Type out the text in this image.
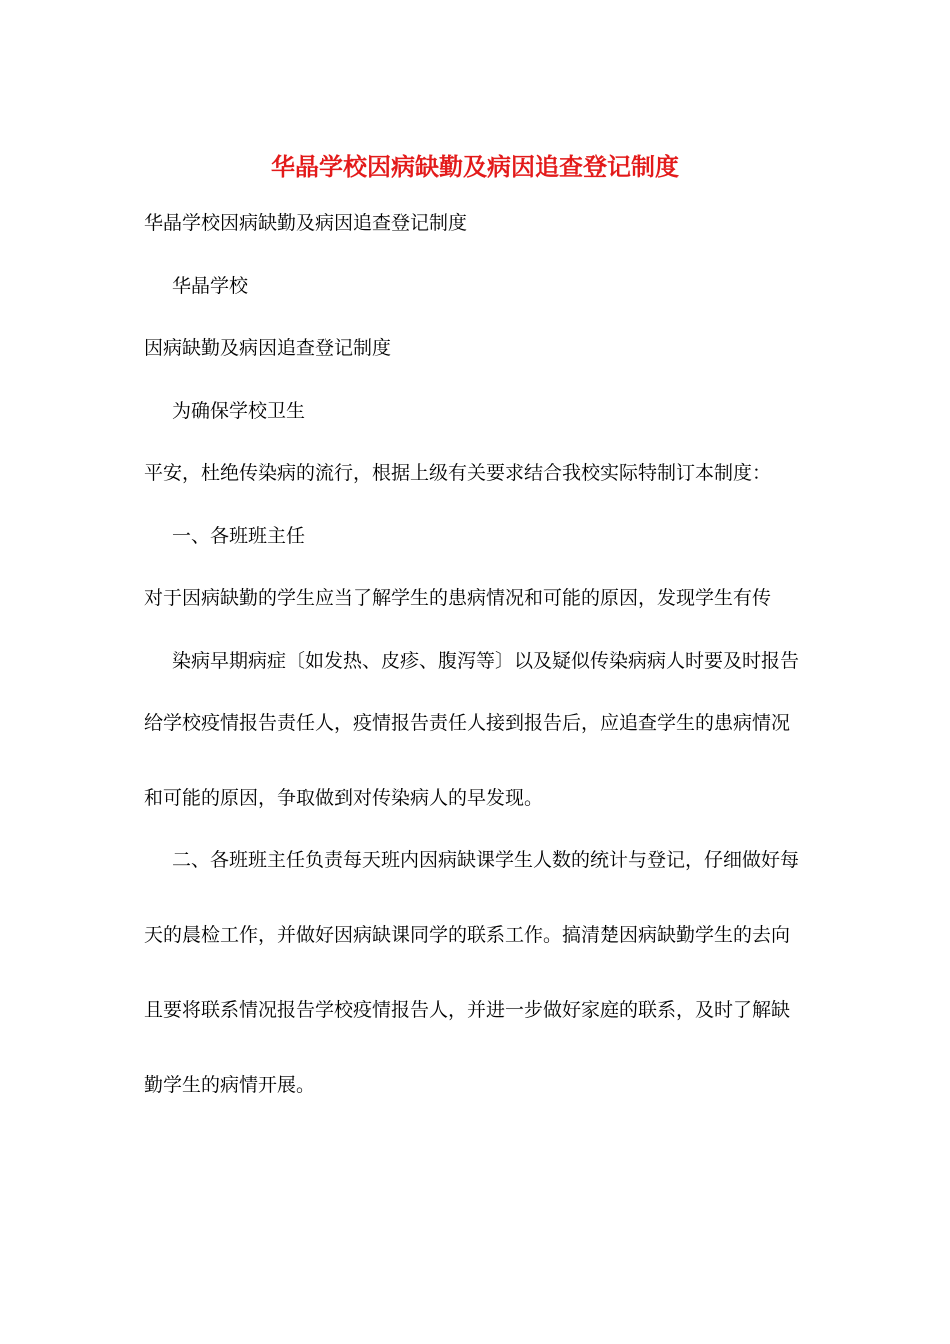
华晶学校因病缺勤及病因追查登记制度
华晶学校因病缺勤及病因追查登记制度
华晶学校
因病缺勤及病因追查登记制度
为确保学校卫生
平安，杜绝传染病的流行，根据上级有关要求结合我校实际特制订本制度：
一、各班班主任
对于因病缺勤的学生应当了解学生的患病情况和可能的原因，发现学生有传
染病早期病症〔如发热、皮疹、腹泻等〕以及疑似传染病病人时要及时报告
给学校疫情报告责任人，疫情报告责任人接到报告后，应追查学生的患病情况
和可能的原因，争取做到对传染病人的早发现。
二、各班班主任负责每天班内因病缺课学生人数的统计与登记，仔细做好每
天的晨检工作，并做好因病缺课同学的联系工作。搞清楚因病缺勤学生的去向
且要将联系情况报告学校疫情报告人，并进一步做好家庭的联系，及时了解缺
勤学生的病情开展。
